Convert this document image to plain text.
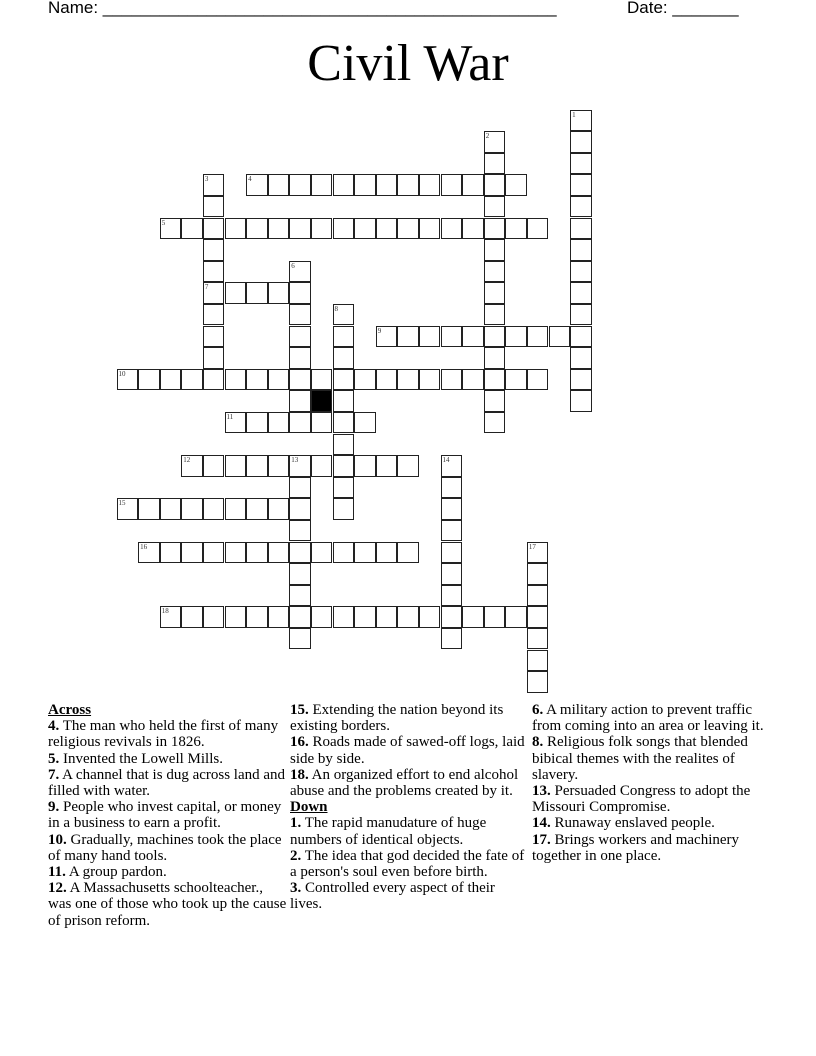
Name: ________________________________________________	Date: _______
Civil War
1
2
3
7
4
5
6
8
9
10
11
12	13	14
15
16	17
18
Across
4. The man who held the first of many religious revivals in 1826.
5. Invented the Lowell Mills.
7. A channel that is dug across land and filled with water.
9. People who invest capital, or money in a business to earn a profit.
10. Gradually, machines took the place of many hand tools.
11. A group pardon.
12. A Massachusetts schoolteacher., was one of those who took up the cause of prison reform.
15. Extending the nation beyond its existing borders.
16. Roads made of sawed-off logs, laid side by side.
18. An organized effort to end alcohol abuse and the problems created by it.
Down
1. The rapid manudature of huge numbers of identical objects.
2. The idea that god decided the fate of a person's soul even before birth.
3. Controlled every aspect of their lives.
6. A military action to prevent traffic from coming into an area or leaving it.
8. Religious folk songs that blended bibical themes with the realites of slavery.
13. Persuaded Congress to adopt the Missouri Compromise.
14. Runaway enslaved people.
17. Brings workers and machinery together in one place.
